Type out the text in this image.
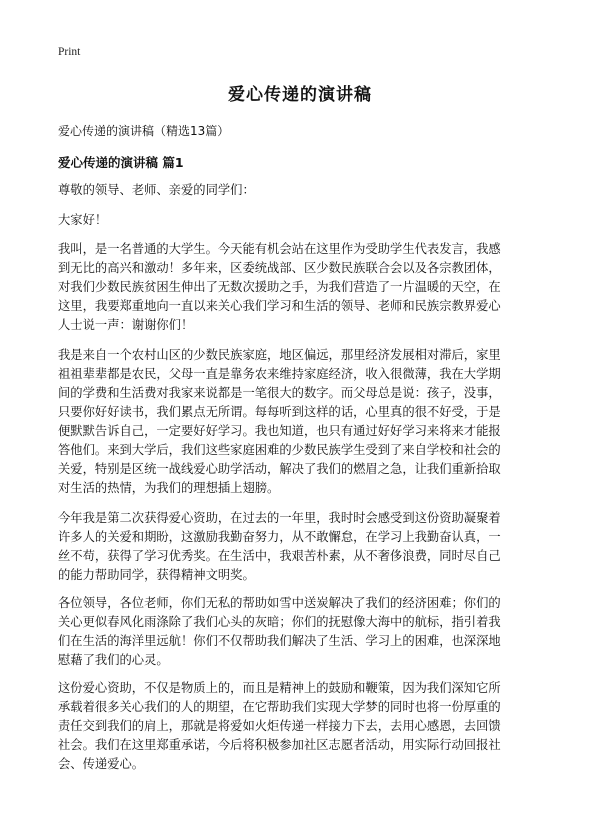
Print
爱心传递的演讲稿
爱心传递的演讲稿（精选13篇）
爱心传递的演讲稿 篇1

尊敬的领导、老师、亲爱的同学们：

大家好！

我叫，是一名普通的大学生。今天能有机会站在这里作为受助学生代表发言，我感
到无比的高兴和激动！多年来，区委统战部、区少数民族联合会以及各宗教团体，
对我们少数民族贫困生伸出了无数次援助之手，为我们营造了一片温暖的天空，在
这里，我要郑重地向一直以来关心我们学习和生活的领导、老师和民族宗教界爱心
人士说一声：谢谢你们！

我是来自一个农村山区的少数民族家庭，地区偏远，那里经济发展相对滞后，家里
祖祖辈辈都是农民，父母一直是靠务农来维持家庭经济，收入很微薄，我在大学期
间的学费和生活费对我家来说都是一笔很大的数字。而父母总是说：孩子，没事，
只要你好好读书，我们累点无所谓。每每听到这样的话，心里真的很不好受，于是
便默默告诉自己，一定要好好学习。我也知道，也只有通过好好学习来将来才能报
答他们。来到大学后，我们这些家庭困难的少数民族学生受到了来自学校和社会的
关爱，特别是区统一战线爱心助学活动，解决了我们的燃眉之急，让我们重新拾取
对生活的热情，为我们的理想插上翅膀。

今年我是第二次获得爱心资助，在过去的一年里，我时时会感受到这份资助凝聚着
许多人的关爱和期盼，这激励我勤奋努力，从不敢懈怠，在学习上我勤奋认真，一
丝不苟，获得了学习优秀奖。在生活中，我艰苦朴素，从不奢侈浪费，同时尽自己
的能力帮助同学，获得精神文明奖。

各位领导，各位老师，你们无私的帮助如雪中送炭解决了我们的经济困难；你们的
关心更似春风化雨涤除了我们心头的灰暗；你们的抚慰像大海中的航标，指引着我
们在生活的海洋里远航！你们不仅帮助我们解决了生活、学习上的困难，也深深地
慰藉了我们的心灵。

这份爱心资助，不仅是物质上的，而且是精神上的鼓励和鞭策，因为我们深知它所
承载着很多关心我们的人的期望，在它帮助我们实现大学梦的同时也将一份厚重的
责任交到我们的肩上，那就是将爱如火炬传递一样接力下去，去用心感恩，去回馈
社会。我们在这里郑重承诺，今后将积极参加社区志愿者活动，用实际行动回报社
会、传递爱心。
